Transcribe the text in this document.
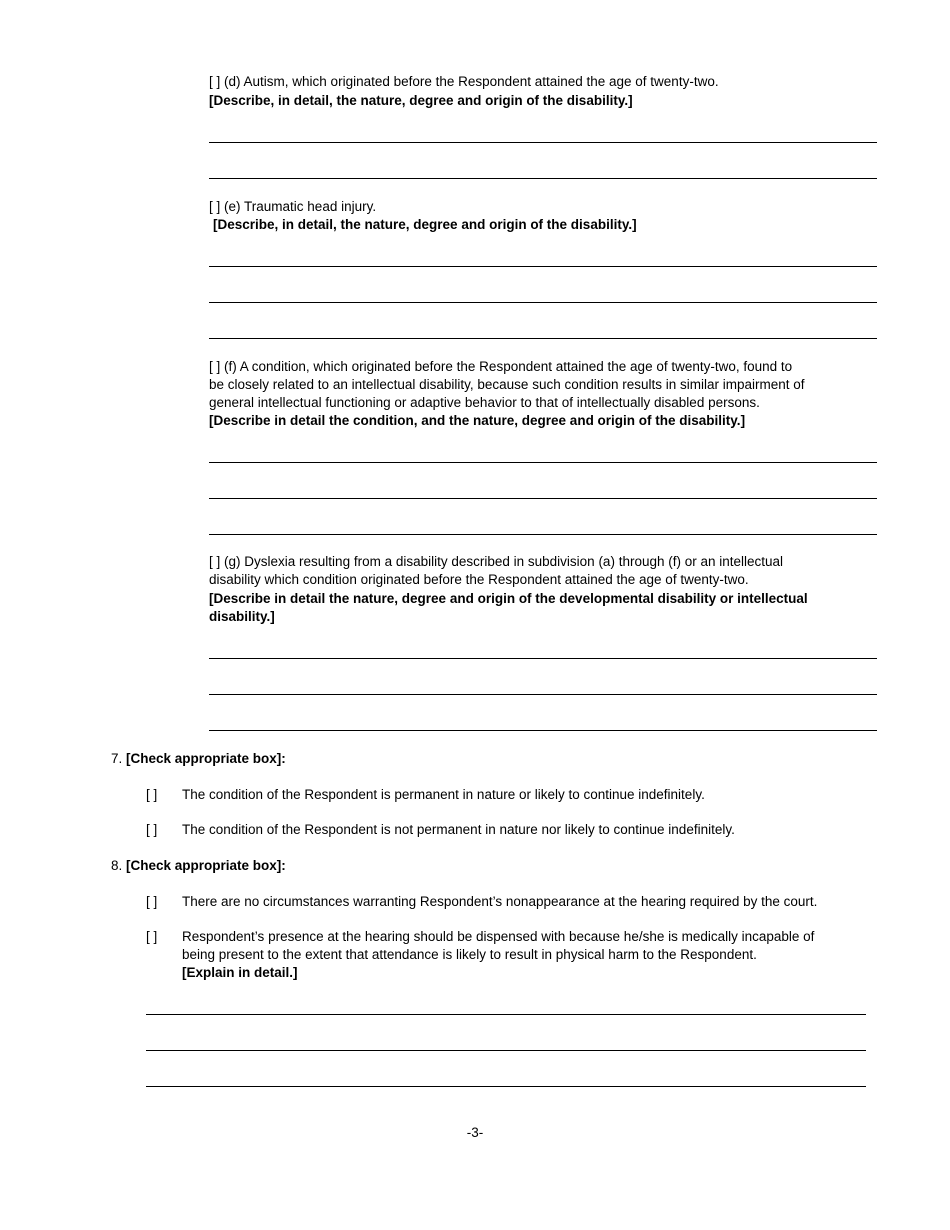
[ ] (d) Autism, which originated before the Respondent attained the age of twenty-two.
[Describe, in detail, the nature, degree and origin of the disability.]
[ ] (e) Traumatic head injury.
[Describe, in detail, the nature, degree and origin of the disability.]
[ ] (f) A condition, which originated before the Respondent attained the age of twenty-two, found to
be closely related to an intellectual disability, because such condition results in similar impairment of
general intellectual functioning or adaptive behavior to that of intellectually disabled persons.
[Describe in detail the condition, and the nature, degree and origin of the disability.]
[ ] (g) Dyslexia resulting from a disability described in subdivision (a) through (f) or an intellectual
disability which condition originated before the Respondent attained the age of twenty-two.
[Describe in detail the nature, degree and origin of the developmental disability or intellectual
disability.]
7. [Check appropriate box]:
[ ] The condition of the Respondent is permanent in nature or likely to continue indefinitely.
[ ] The condition of the Respondent is not permanent in nature nor likely to continue indefinitely.
8. [Check appropriate box]:
[ ] There are no circumstances warranting Respondent’s nonappearance at the hearing required by the court.
[ ] Respondent’s presence at the hearing should be dispensed with because he/she is medically incapable of
being present to the extent that attendance is likely to result in physical harm to the Respondent.
[Explain in detail.]
-3-
